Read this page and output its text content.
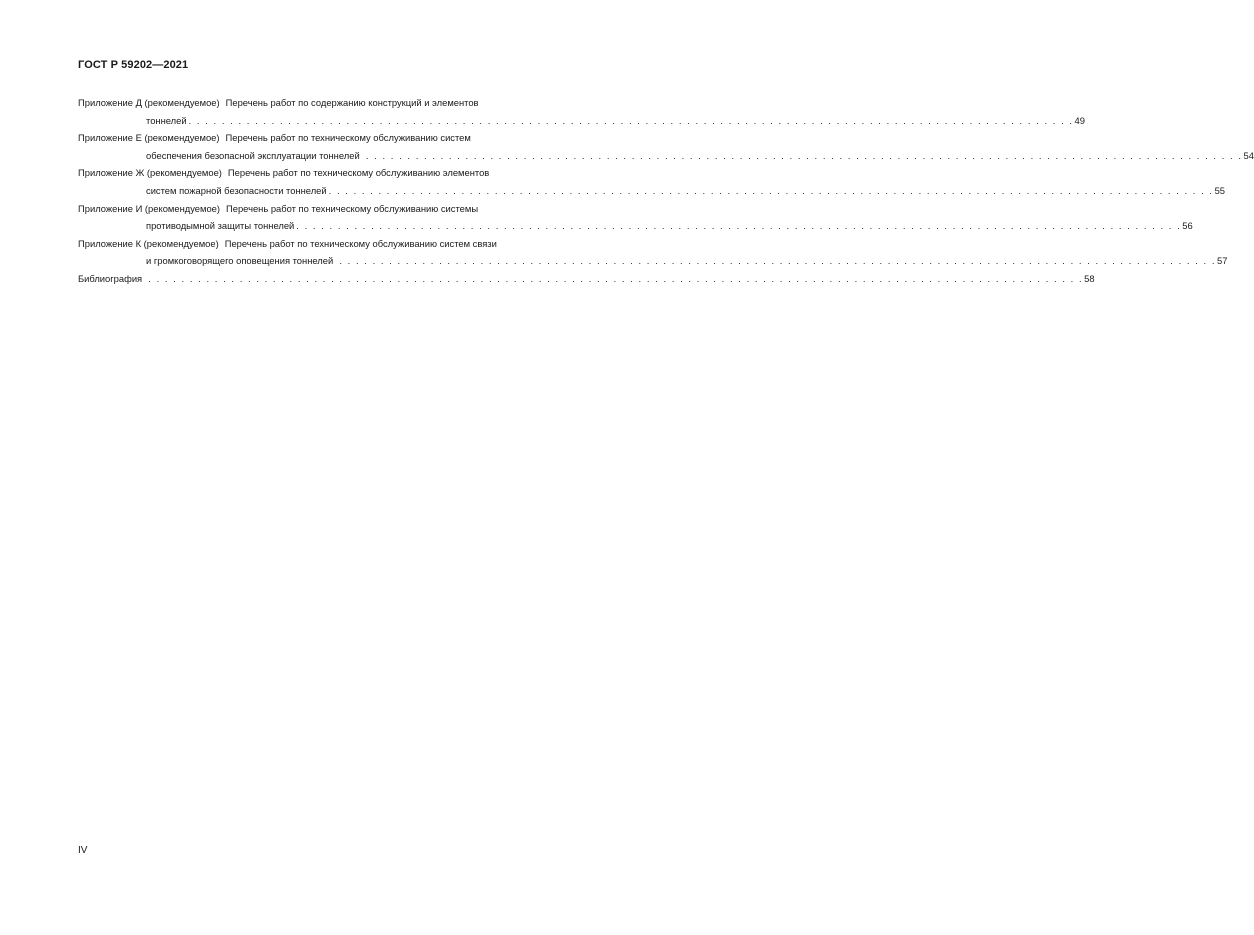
ГОСТ Р 59202—2021
Приложение Д (рекомендуемое) Перечень работ по содержанию конструкций и элементов
тоннелей . . . . . . . . . . . . . . . . . . . . . . . . . . . . . . . . . . . . . . . . . . . . . . . . . . . . . . . . . . . . . . . . . . . . . . . . . . . . . . . . . . . . . . . . . . . . . . . . . . . . . . . . . . . 49
Приложение Е (рекомендуемое) Перечень работ по техническому обслуживанию систем
обеспечения безопасной эксплуатации тоннелей . . . . . . . . . . . . . . . . . . . . . . . . . . . . . . . . . . . . . . . . . . . . . . . . . . . . . . . . . . . . . . . . . . . . . . . . . . . . . . . . . . . . . . . . . . . . . . . . . . . . . . . . . . 54
Приложение Ж (рекомендуемое) Перечень работ по техническому обслуживанию элементов
систем пожарной безопасности тоннелей . . . . . . . . . . . . . . . . . . . . . . . . . . . . . . . . . . . . . . . . . . . . . . . . . . . . . . . . . . . . . . . . . . . . . . . . . . . . . . . . . . . . . . . . . . . . . . . . . . . . . . . . . . . 55
Приложение И (рекомендуемое) Перечень работ по техническому обслуживанию системы
противодымной защиты тоннелей . . . . . . . . . . . . . . . . . . . . . . . . . . . . . . . . . . . . . . . . . . . . . . . . . . . . . . . . . . . . . . . . . . . . . . . . . . . . . . . . . . . . . . . . . . . . . . . . . . . . . . . . . . . 56
Приложение К (рекомендуемое) Перечень работ по техническому обслуживанию систем связи
и громкоговорящего оповещения тоннелей . . . . . . . . . . . . . . . . . . . . . . . . . . . . . . . . . . . . . . . . . . . . . . . . . . . . . . . . . . . . . . . . . . . . . . . . . . . . . . . . . . . . . . . . . . . . . . . . . . . . . . . . . . 57
Библиография . . . . . . . . . . . . . . . . . . . . . . . . . . . . . . . . . . . . . . . . . . . . . . . . . . . . . . . . . . . . . . . . . . . . . . . . . . . . . . . . . . . . . . . . . . . . . . . . . . . . . . . . . . . . . . . . . 58
IV
